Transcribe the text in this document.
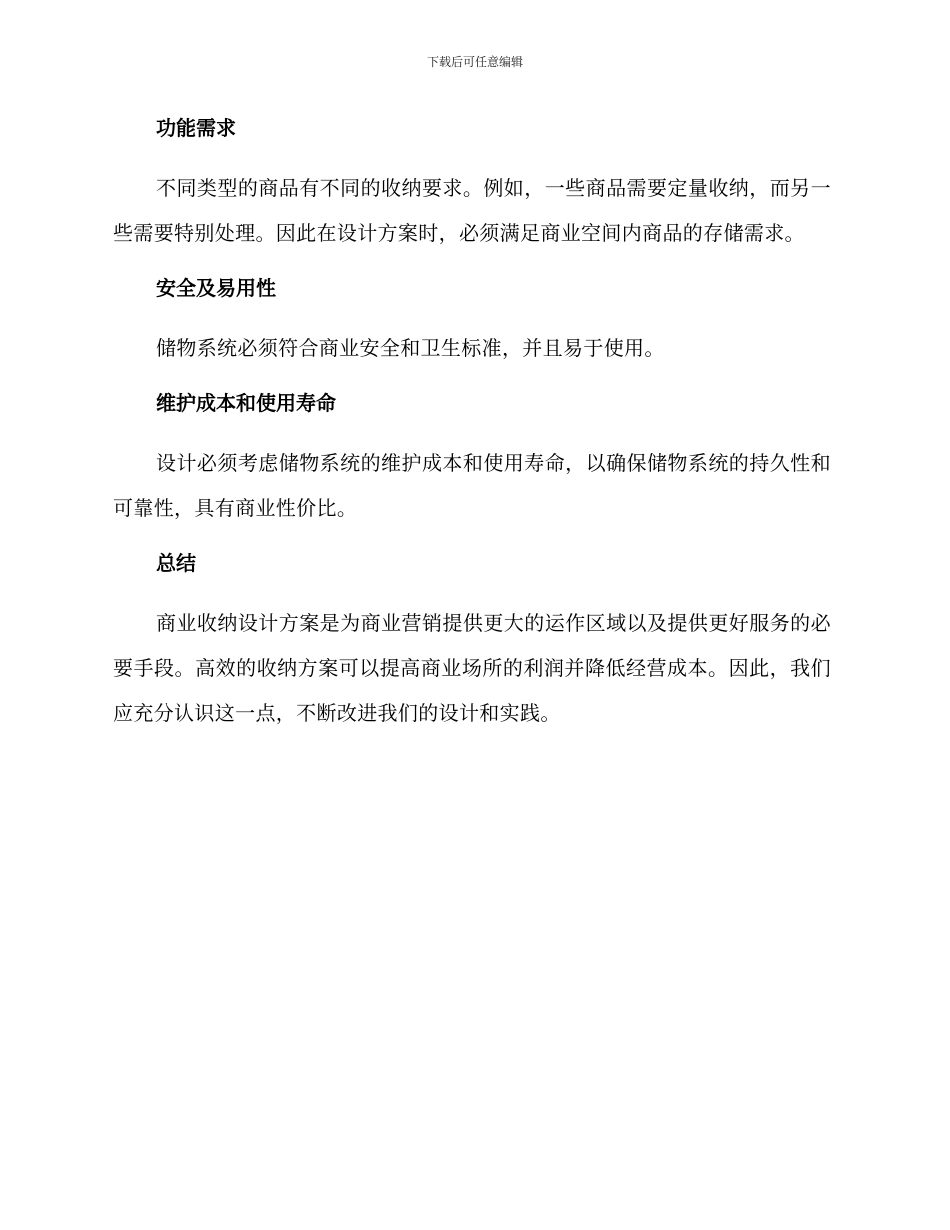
下载后可任意编辑
功能需求

不同类型的商品有不同的收纳要求。例如，一些商品需要定量收纳，而另一些需要特别处理。因此在设计方案时，必须满足商业空间内商品的存储需求。

安全及易用性

储物系统必须符合商业安全和卫生标准，并且易于使用。

维护成本和使用寿命

设计必须考虑储物系统的维护成本和使用寿命，以确保储物系统的持久性和可靠性，具有商业性价比。

总结

商业收纳设计方案是为商业营销提供更大的运作区域以及提供更好服务的必要手段。高效的收纳方案可以提高商业场所的利润并降低经营成本。因此，我们应充分认识这一点，不断改进我们的设计和实践。
